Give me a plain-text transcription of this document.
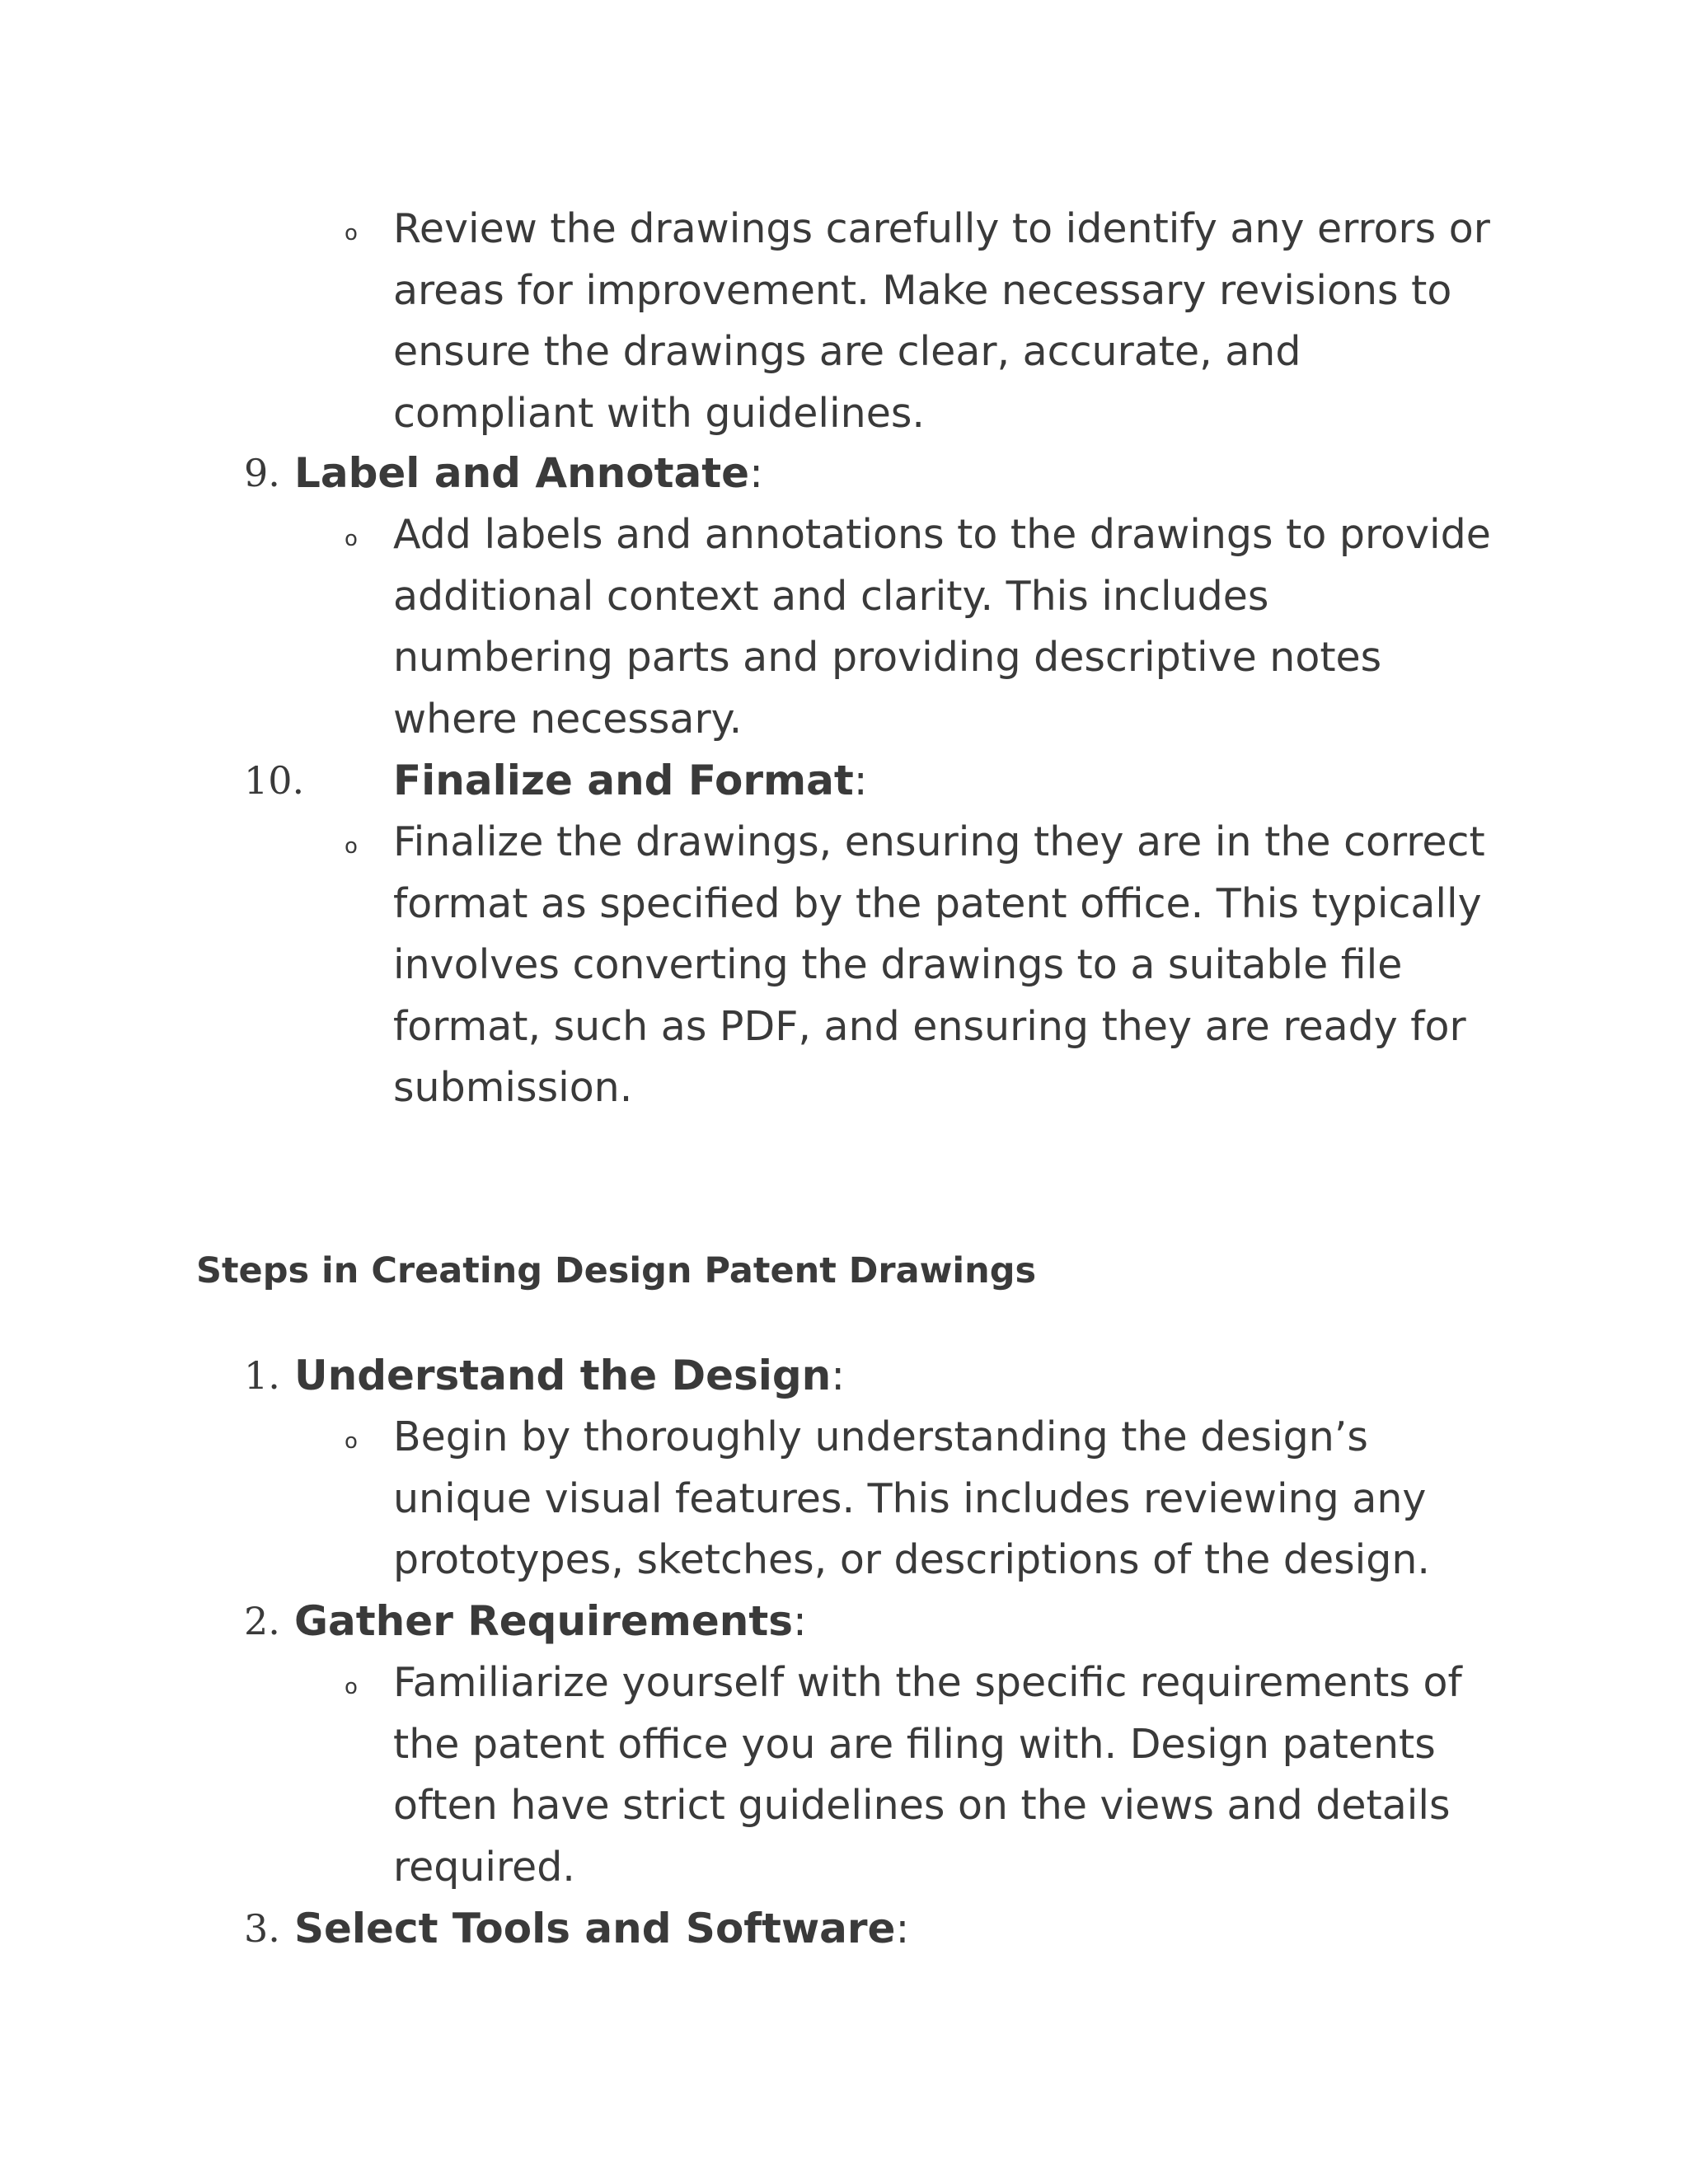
o Review the drawings carefully to identify any errors or areas for improvement. Make necessary revisions to ensure the drawings are clear, accurate, and compliant with guidelines.
9. Label and Annotate:
o Add labels and annotations to the drawings to provide additional context and clarity. This includes numbering parts and providing descriptive notes where necessary.
10. Finalize and Format:
o Finalize the drawings, ensuring they are in the correct format as specified by the patent office. This typically involves converting the drawings to a suitable file format, such as PDF, and ensuring they are ready for submission.
Steps in Creating Design Patent Drawings
1. Understand the Design:
o Begin by thoroughly understanding the design’s unique visual features. This includes reviewing any prototypes, sketches, or descriptions of the design.
2. Gather Requirements:
o Familiarize yourself with the specific requirements of the patent office you are filing with. Design patents often have strict guidelines on the views and details required.
3. Select Tools and Software:
